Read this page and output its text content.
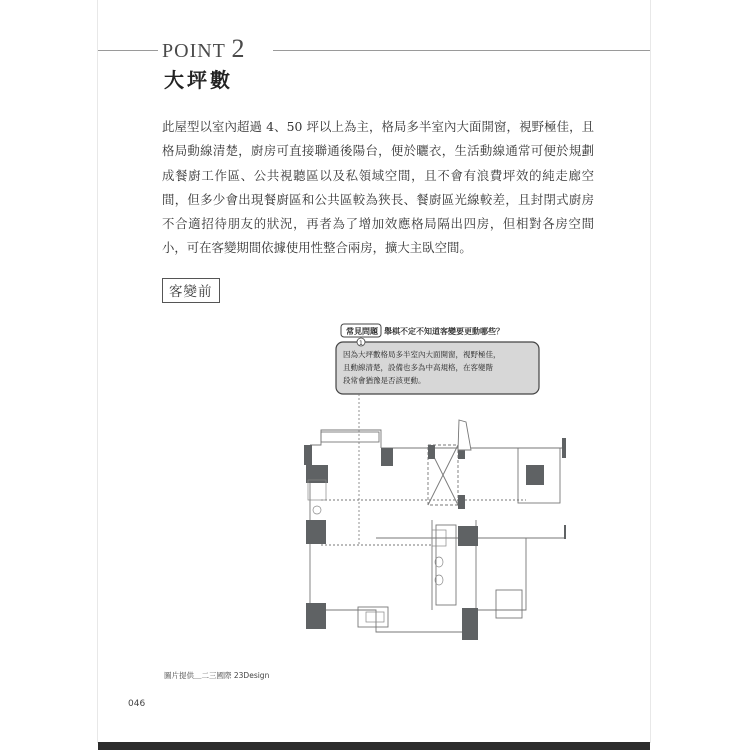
POINT 2
大坪數

此屋型以室內超過 4、50 坪以上為主，格局多半室內大面開窗，視野極佳，且格局動線清楚，廚房可直接聯通後陽台，便於曬衣，生活動線通常可便於規劃成餐廚工作區、公共視聽區以及私領域空間，且不會有浪費坪效的純走廊空間，但多少會出現餐廚區和公共區較為狹長、餐廚區光線較差，且封閉式廚房不合適招待朋友的狀況，再者為了增加效應格局隔出四房，但相對各房空間小，可在客變期間依據使用性整合兩房，擴大主臥空間。

客變前
常見問題
1
舉棋不定不知道客變要更動哪些？
因為大坪數格局多半室內大面開窗，視野極佳，
且動線清楚，設備也多為中高規格，在客變階
段常會猶豫是否該更動。
圖片提供＿二三國際 23Design
046
